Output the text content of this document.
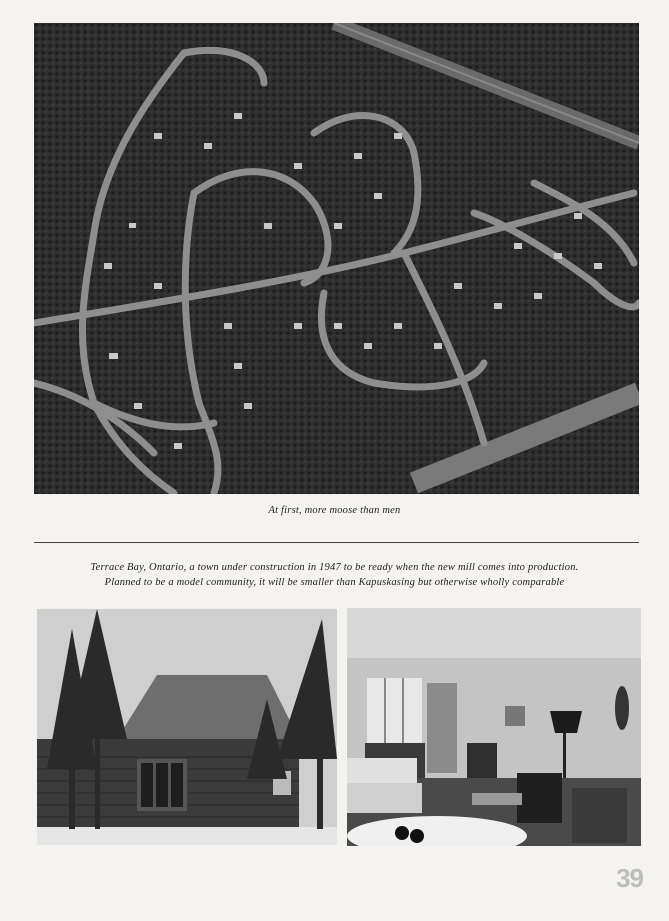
At first, more moose than men
Terrace Bay, Ontario, a town under construction in 1947 to be ready when the new mill comes into production.
Planned to be a model community, it will be smaller than Kapuskasing but otherwise wholly comparable
39
